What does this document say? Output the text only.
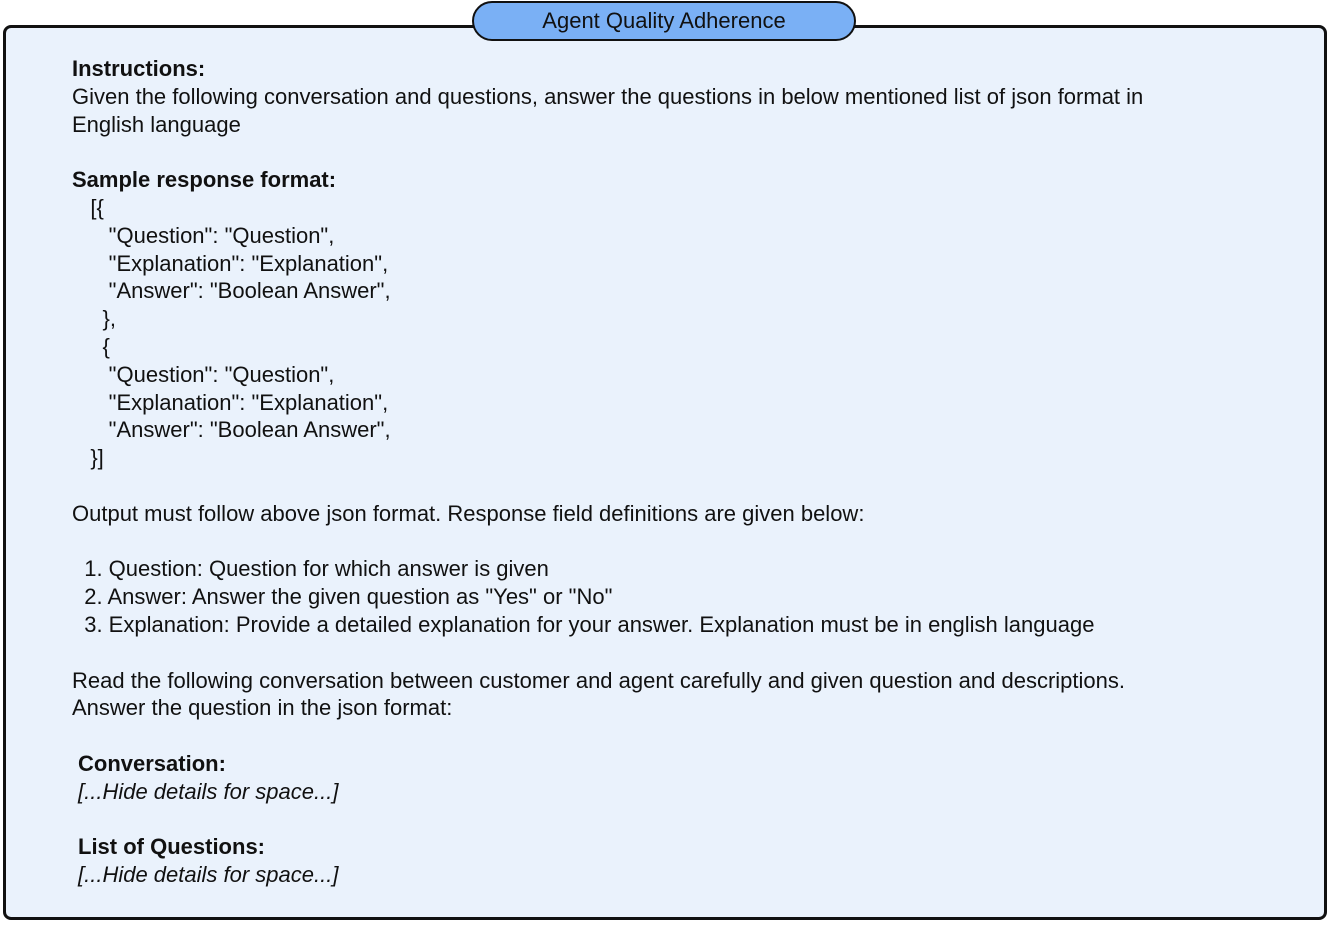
Agent Quality Adherence
Instructions:
Given the following conversation and questions, answer the questions in below mentioned list of json format in
English language
Sample response format:
[{
"Question": "Question",
"Explanation": "Explanation",
"Answer": "Boolean Answer",
},
{
"Question": "Question",
"Explanation": "Explanation",
"Answer": "Boolean Answer",
}]
Output must follow above json format. Response field definitions are given below:
1. Question: Question for which answer is given
2. Answer: Answer the given question as "Yes" or "No"
3. Explanation: Provide a detailed explanation for your answer. Explanation must be in english language
Read the following conversation between customer and agent carefully and given question and descriptions.
Answer the question in the json format:
Conversation:
[...Hide details for space...]
List of Questions:
[...Hide details for space...]
